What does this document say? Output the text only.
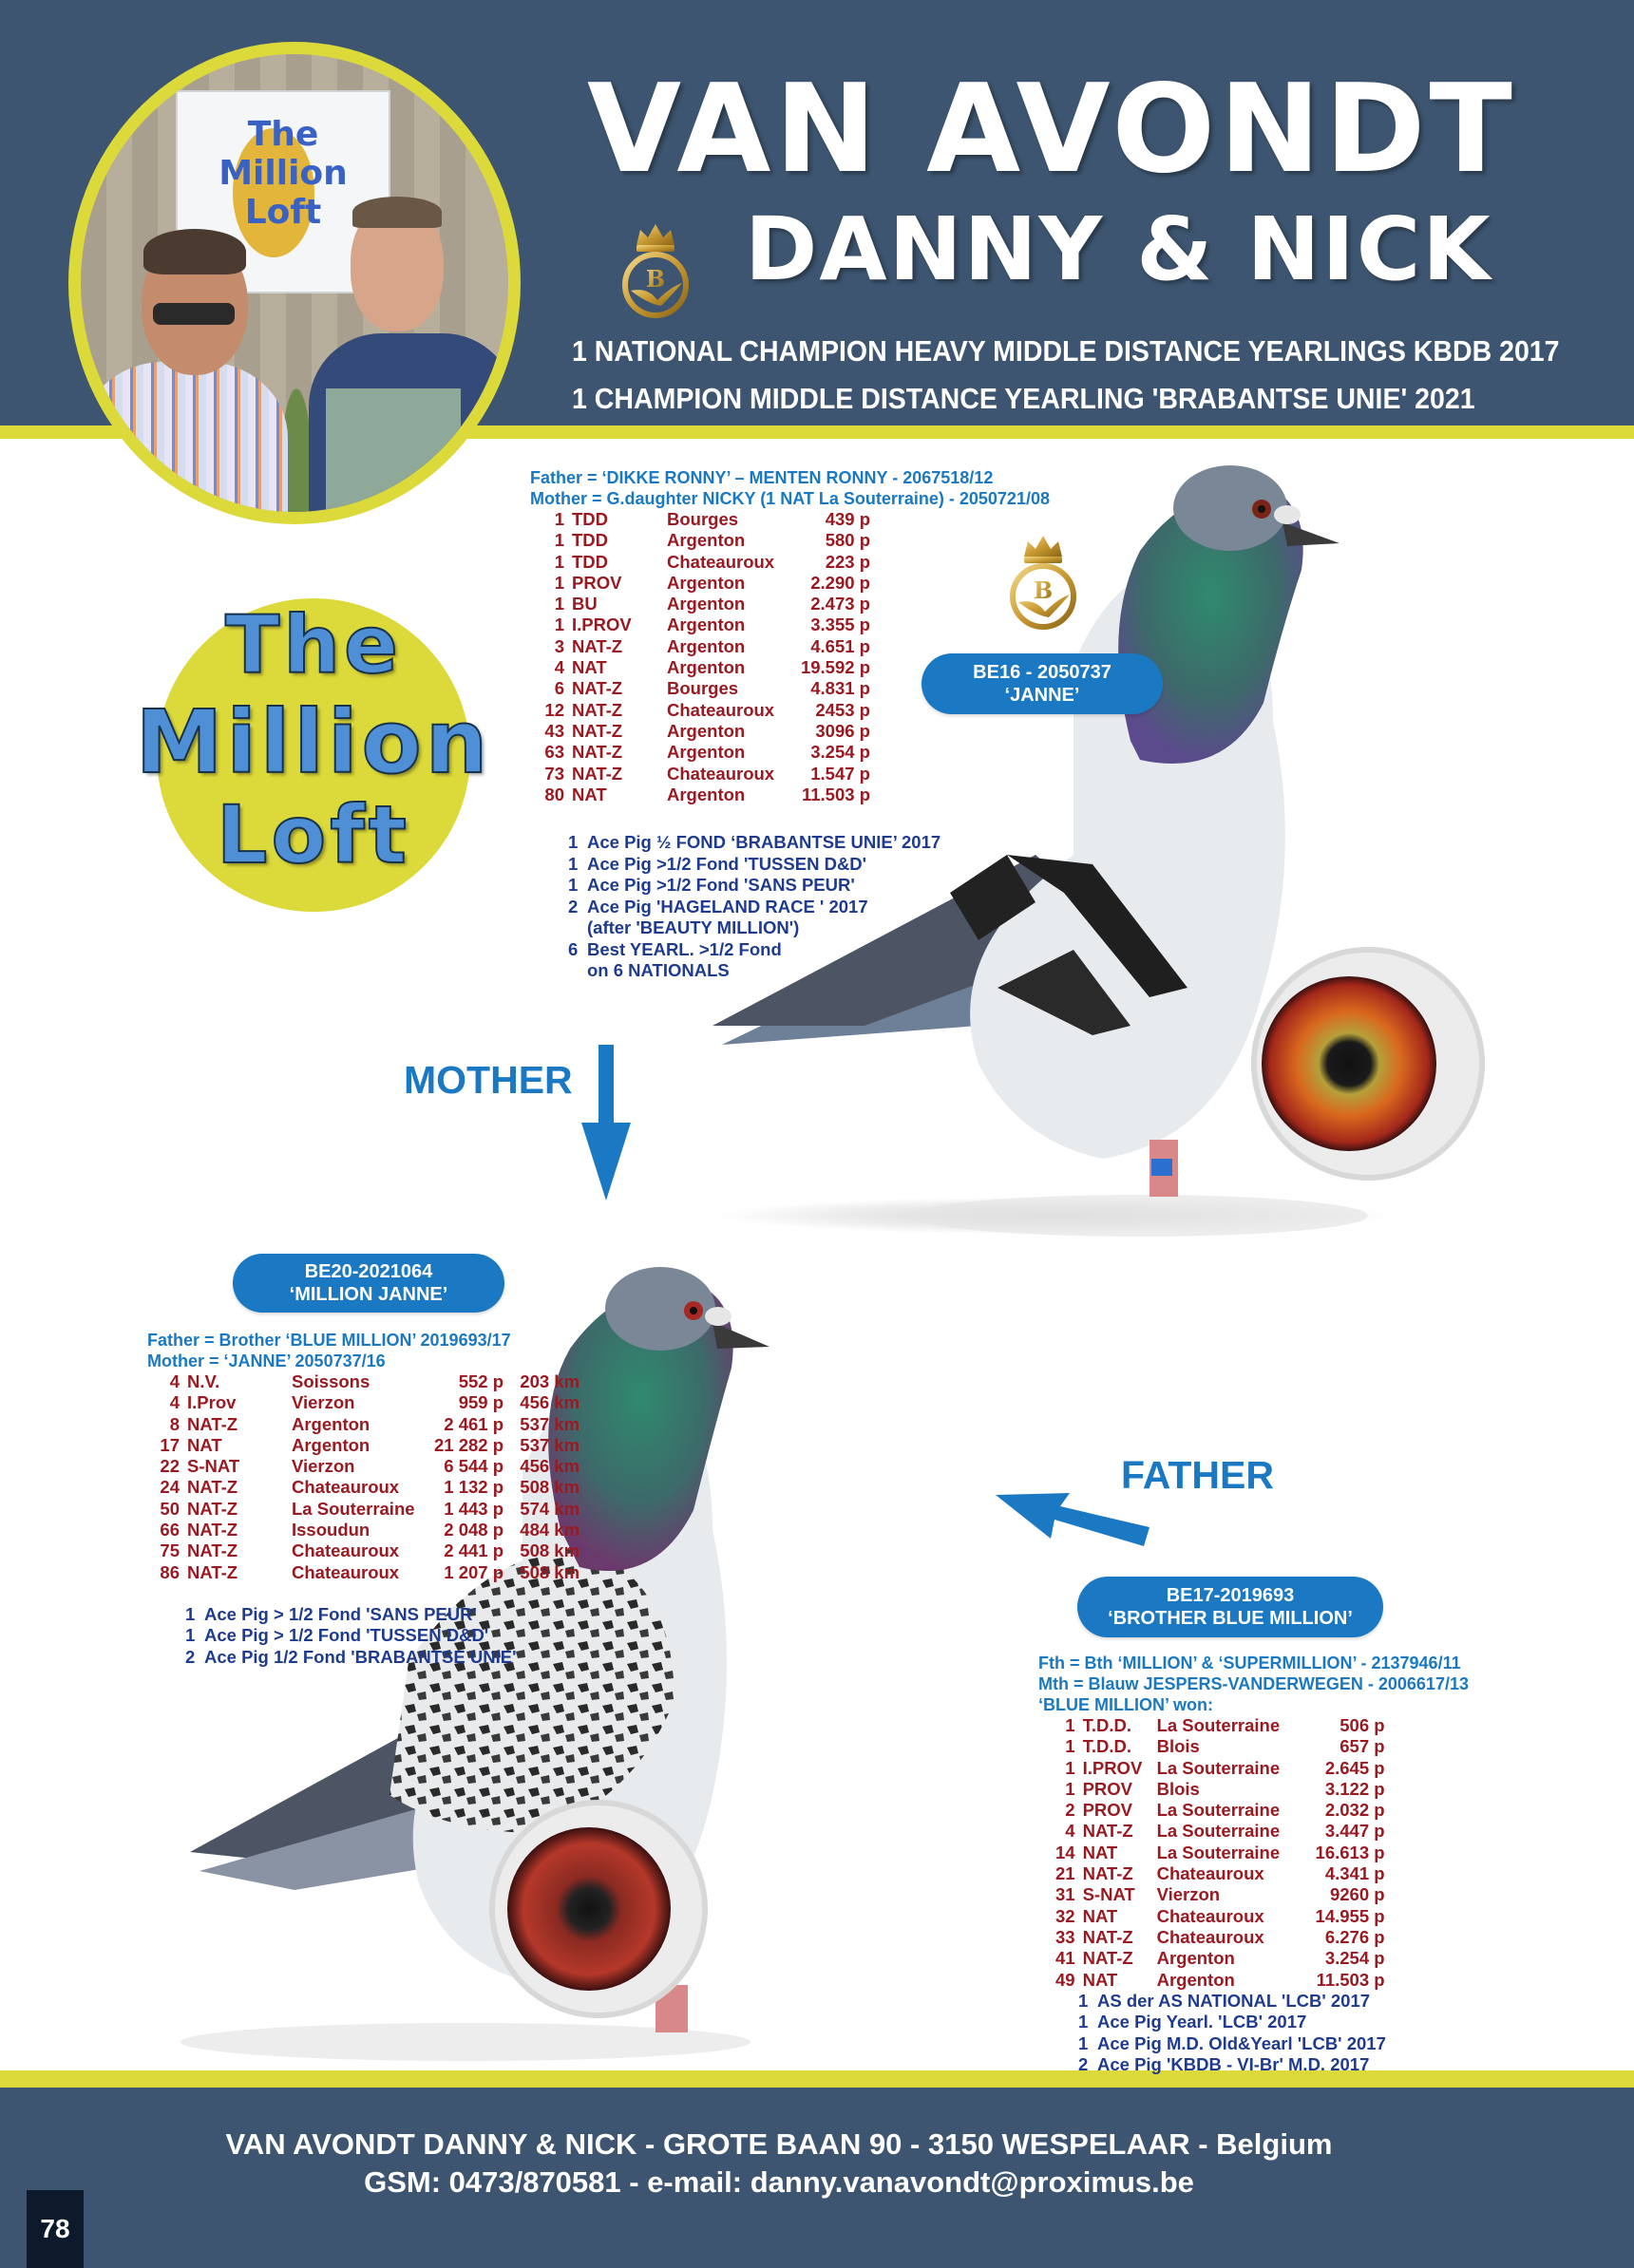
The
Million
Loft
VAN AVONDT
DANNY & NICK
B
1 NATIONAL CHAMPION HEAVY MIDDLE DISTANCE YEARLINGS KBDB 2017
1 CHAMPION MIDDLE DISTANCE YEARLING 'BRABANTSE UNIE' 2021
The
Million
Loft
Father = ‘DIKKE RONNY’ – MENTEN RONNY - 2067518/12
Mother = G.daughter NICKY (1 NAT La Souterraine) - 2050721/08
1	TDD	Bourges	439 p
1	TDD	Argenton	580 p
1	TDD	Chateauroux	223 p
1	PROV	Argenton	2.290 p
1	BU	Argenton	2.473 p
1	I.PROV	Argenton	3.355 p
3	NAT-Z	Argenton	4.651 p
4	NAT	Argenton	19.592 p
6	NAT-Z	Bourges	4.831 p
12	NAT-Z	Chateauroux	2453 p
43	NAT-Z	Argenton	3096 p
63	NAT-Z	Argenton	3.254 p
73	NAT-Z	Chateauroux	1.547 p
80	NAT	Argenton	11.503 p
1 Ace Pig ½ FOND ‘BRABANTSE UNIE’ 2017
1 Ace Pig >1/2 Fond 'TUSSEN D&D'
1 Ace Pig >1/2 Fond 'SANS PEUR'
2 Ace Pig 'HAGELAND RACE ' 2017
(after 'BEAUTY MILLION')
6 Best YEARL. >1/2 Fond
on 6 NATIONALS
B
BE16 - 2050737
‘JANNE’
MOTHER
BE20-2021064
‘MILLION JANNE’
Father = Brother ‘BLUE MILLION’ 2019693/17
Mother = ‘JANNE’ 2050737/16
4	N.V.	Soissons	552 p	203 km
4	I.Prov	Vierzon	959 p	456 km
8	NAT-Z	Argenton	2 461 p	537 km
17	NAT	Argenton	21 282 p	537 km
22	S-NAT	Vierzon	6 544 p	456 km
24	NAT-Z	Chateauroux	1 132 p	508 km
50	NAT-Z	La Souterraine	1 443 p	574 km
66	NAT-Z	Issoudun	2 048 p	484 km
75	NAT-Z	Chateauroux	2 441 p	508 km
86	NAT-Z	Chateauroux	1 207 p	508 km
1 Ace Pig > 1/2 Fond 'SANS PEUR'
1 Ace Pig > 1/2 Fond 'TUSSEN D&D'
2 Ace Pig 1/2 Fond 'BRABANTSE UNIE'
FATHER
BE17-2019693
‘BROTHER BLUE MILLION’
Fth = Bth ‘MILLION’ & ‘SUPERMILLION’ - 2137946/11
Mth = Blauw JESPERS-VANDERWEGEN - 2006617/13
‘BLUE MILLION’ won:
1	T.D.D.	La Souterraine	506 p
1	T.D.D.	Blois	657 p
1	I.PROV	La Souterraine	2.645 p
1	PROV	Blois	3.122 p
2	PROV	La Souterraine	2.032 p
4	NAT-Z	La Souterraine	3.447 p
14	NAT	La Souterraine	16.613 p
21	NAT-Z	Chateauroux	4.341 p
31	S-NAT	Vierzon	9260 p
32	NAT	Chateauroux	14.955 p
33	NAT-Z	Chateauroux	6.276 p
41	NAT-Z	Argenton	3.254 p
49	NAT	Argenton	11.503 p
1 AS der AS NATIONAL 'LCB' 2017
1 Ace Pig Yearl. 'LCB' 2017
1 Ace Pig M.D. Old&Yearl 'LCB' 2017
2 Ace Pig 'KBDB - VI-Br' M.D. 2017
VAN AVONDT DANNY & NICK - GROTE BAAN 90 - 3150 WESPELAAR - Belgium
GSM: 0473/870581 - e-mail: danny.vanavondt@proximus.be
78
